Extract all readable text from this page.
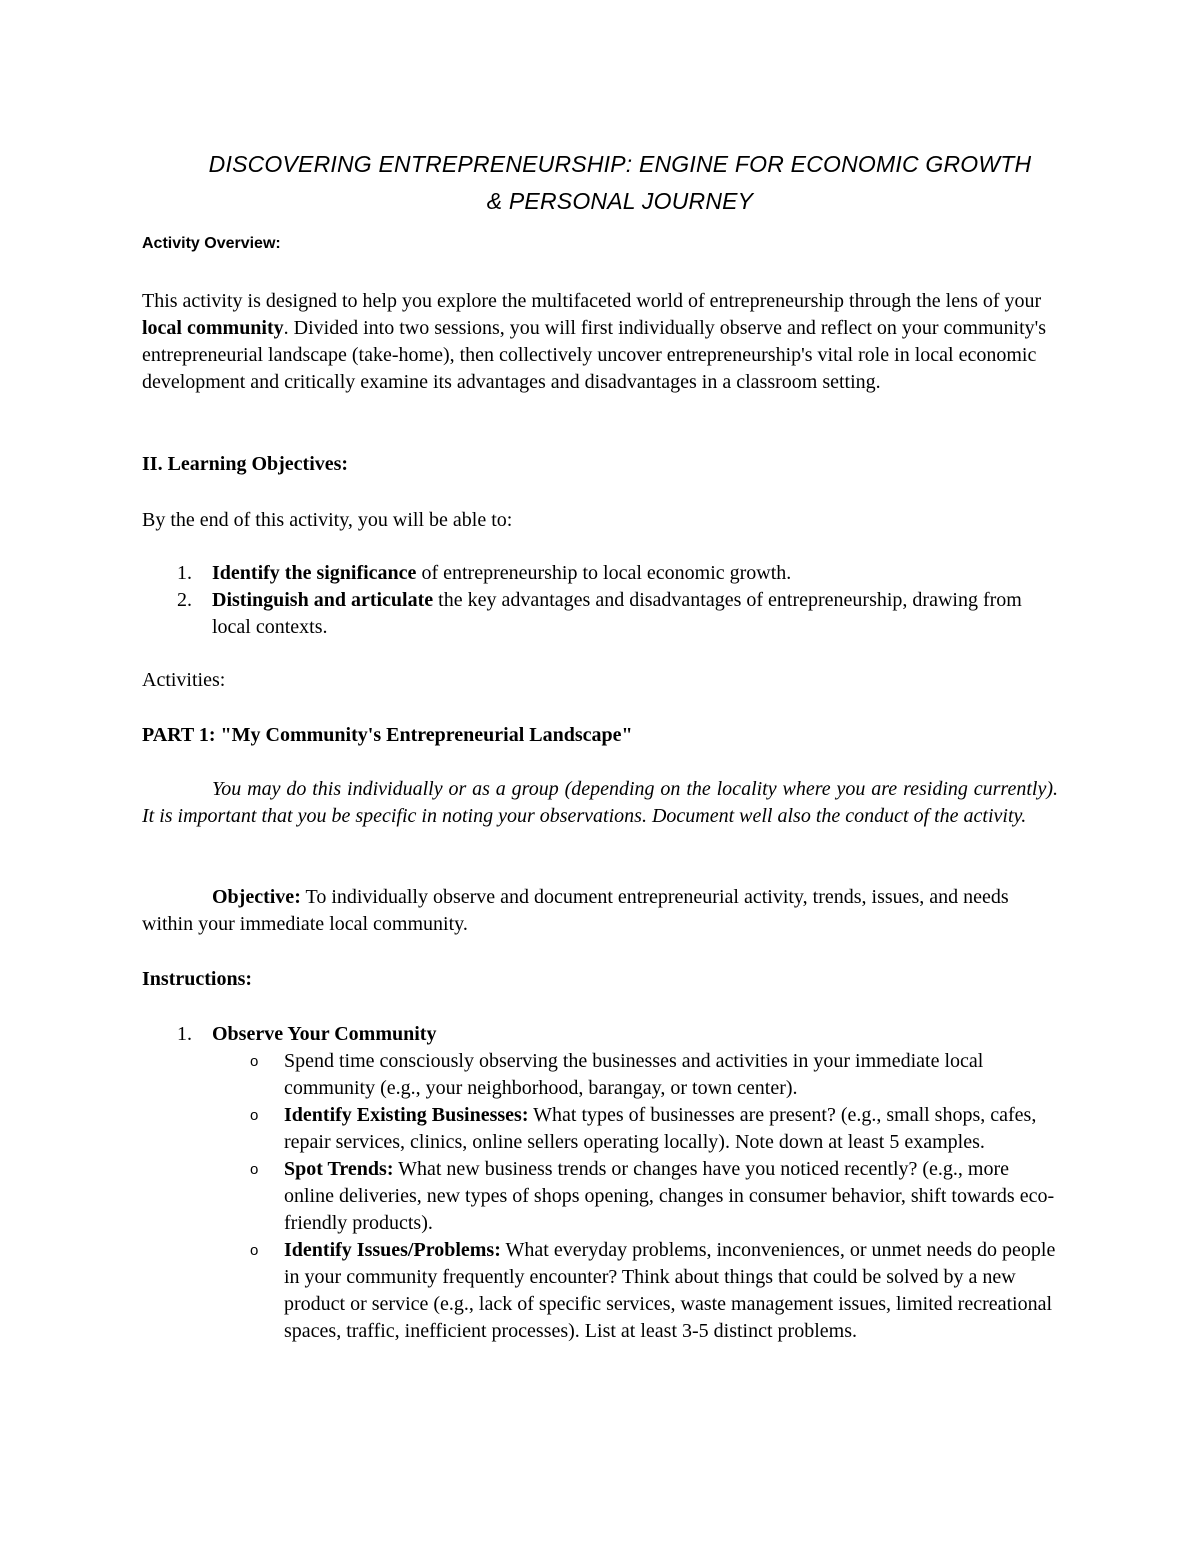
DISCOVERING ENTREPRENEURSHIP: ENGINE FOR ECONOMIC GROWTH
& PERSONAL JOURNEY
Activity Overview:
This activity is designed to help you explore the multifaceted world of entrepreneurship through the lens of your local community. Divided into two sessions, you will first individually observe and reflect on your community's entrepreneurial landscape (take-home), then collectively uncover entrepreneurship's vital role in local economic development and critically examine its advantages and disadvantages in a classroom setting.
II. Learning Objectives:
By the end of this activity, you will be able to:
1. Identify the significance of entrepreneurship to local economic growth.
2. Distinguish and articulate the key advantages and disadvantages of entrepreneurship, drawing from local contexts.
Activities:
PART 1: "My Community's Entrepreneurial Landscape"
You may do this individually or as a group (depending on the locality where you are residing currently). It is important that you be specific in noting your observations. Document well also the conduct of the activity.
Objective: To individually observe and document entrepreneurial activity, trends, issues, and needs within your immediate local community.
Instructions:
1. Observe Your Community
o Spend time consciously observing the businesses and activities in your immediate local community (e.g., your neighborhood, barangay, or town center).
o Identify Existing Businesses: What types of businesses are present? (e.g., small shops, cafes, repair services, clinics, online sellers operating locally). Note down at least 5 examples.
o Spot Trends: What new business trends or changes have you noticed recently? (e.g., more online deliveries, new types of shops opening, changes in consumer behavior, shift towards eco-friendly products).
o Identify Issues/Problems: What everyday problems, inconveniences, or unmet needs do people in your community frequently encounter? Think about things that could be solved by a new product or service (e.g., lack of specific services, waste management issues, limited recreational spaces, traffic, inefficient processes). List at least 3-5 distinct problems.
